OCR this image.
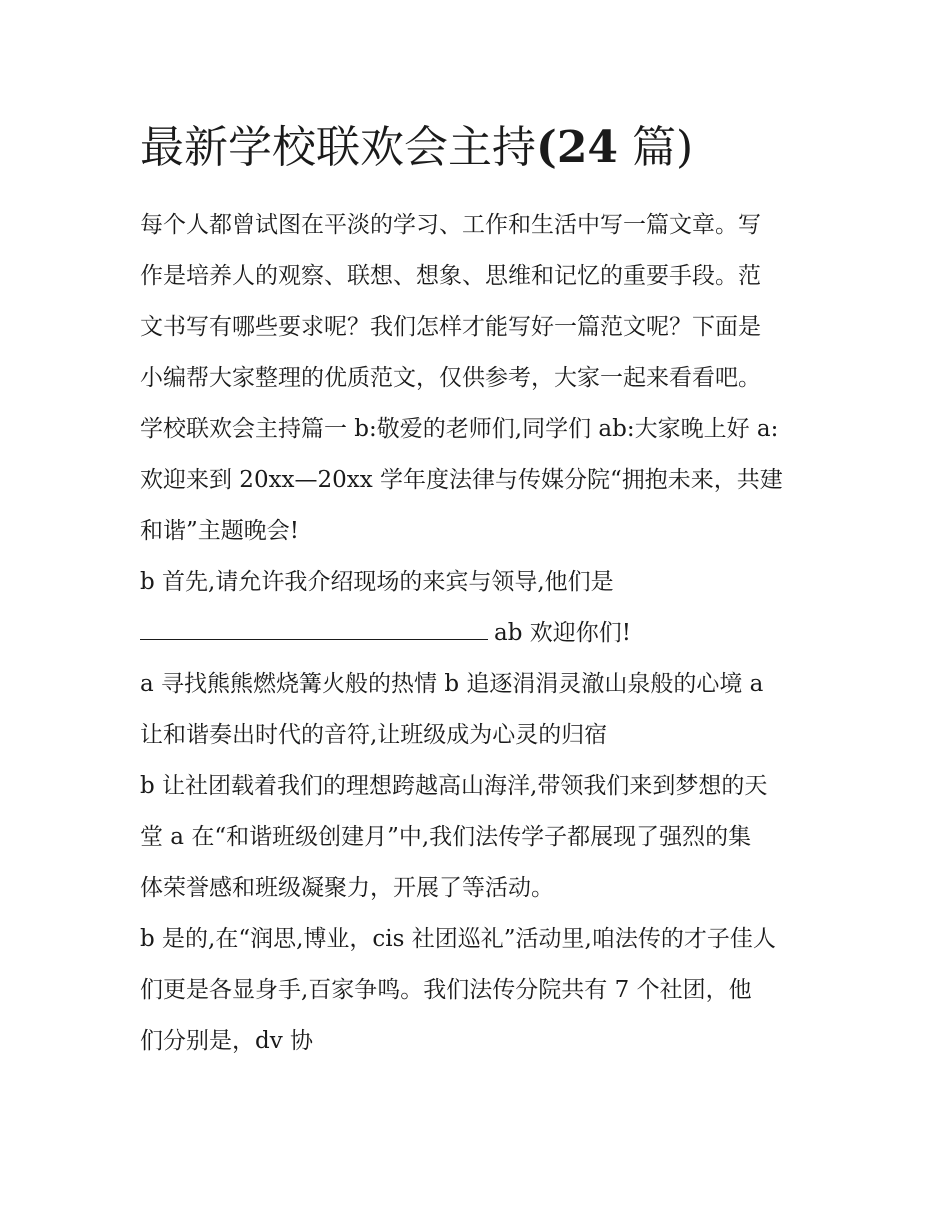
最新学校联欢会主持(24 篇)
每个人都曾试图在平淡的学习、工作和生活中写一篇文章。写
作是培养人的观察、联想、想象、思维和记忆的重要手段。范
文书写有哪些要求呢？我们怎样才能写好一篇范文呢？下面是
小编帮大家整理的优质范文，仅供参考，大家一起来看看吧。
学校联欢会主持篇一 b:敬爱的老师们,同学们 ab:大家晚上好 a:
欢迎来到 20xx—20xx 学年度法律与传媒分院“拥抱未来，共建
和谐”主题晚会!
b 首先,请允许我介绍现场的来宾与领导,他们是
ab 欢迎你们!
a 寻找熊熊燃烧篝火般的热情 b 追逐涓涓灵澈山泉般的心境 a
让和谐奏出时代的音符,让班级成为心灵的归宿
b 让社团载着我们的理想跨越高山海洋,带领我们来到梦想的天
堂 a 在“和谐班级创建月”中,我们法传学子都展现了强烈的集
体荣誉感和班级凝聚力，开展了等活动。
b 是的,在“润思,博业，cis 社团巡礼”活动里,咱法传的才子佳人
们更是各显身手,百家争鸣。我们法传分院共有 7 个社团，他
们分别是，dv 协
